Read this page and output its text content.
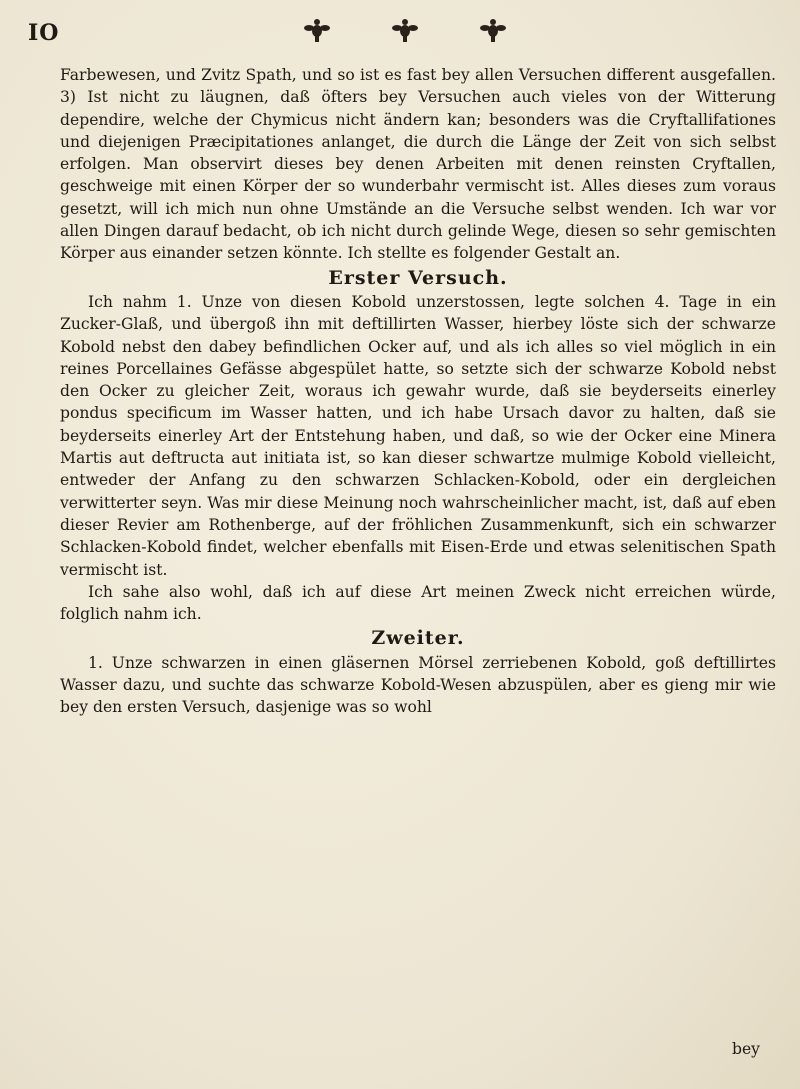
IO

Farbewesen, und Zvitz Spath, und so ist es fast bey allen Versuchen different ausgefallen. 3) Ist nicht zu läugnen, daß öfters bey Versuchen auch vieles von der Witterung dependire, welche der Chymicus nicht ändern kan; besonders was die Cryftallifationes und diejenigen Præcipitationes anlanget, die durch die Länge der Zeit von sich selbst erfolgen. Man observirt dieses bey denen Arbeiten mit denen reinsten Cryftallen, geschweige mit einen Körper der so wunderbahr vermischt ist. Alles dieses zum voraus gesetzt, will ich mich nun ohne Umstände an die Versuche selbst wenden. Ich war vor allen Dingen darauf bedacht, ob ich nicht durch gelinde Wege, diesen so sehr gemischten Körper aus einander setzen könnte. Ich stellte es folgender Gestalt an.

Erster Versuch.

Ich nahm 1. Unze von diesen Kobold unzerstossen, legte solchen 4. Tage in ein Zucker-Glaß, und übergoß ihn mit deftillirten Wasser, hierbey löste sich der schwarze Kobold nebst den dabey befindlichen Ocker auf, und als ich alles so viel möglich in ein reines Porcellaines Gefässe abgespület hatte, so setzte sich der schwarze Kobold nebst den Ocker zu gleicher Zeit, woraus ich gewahr wurde, daß sie beyderseits einerley pondus specificum im Wasser hatten, und ich habe Ursach davor zu halten, daß sie beyderseits einerley Art der Entstehung haben, und daß, so wie der Ocker eine Minera Martis aut deftructa aut initiata ist, so kan dieser schwartze mulmige Kobold vielleicht, entweder der Anfang zu den schwarzen Schlacken-Kobold, oder ein dergleichen verwitterter seyn. Was mir diese Meinung noch wahrscheinlicher macht, ist, daß auf eben dieser Revier am Rothenberge, auf der fröhlichen Zusammenkunft, sich ein schwarzer Schlacken-Kobold findet, welcher ebenfalls mit Eisen-Erde und etwas selenitischen Spath vermischt ist.

Ich sahe also wohl, daß ich auf diese Art meinen Zweck nicht erreichen würde, folglich nahm ich.

Zweiter.

1. Unze schwarzen in einen gläsernen Mörsel zerriebenen Kobold, goß deftillirtes Wasser dazu, und suchte das schwarze Kobold-Wesen abzuspülen, aber es gieng mir wie bey den ersten Versuch, dasjenige was so wohl

bey
